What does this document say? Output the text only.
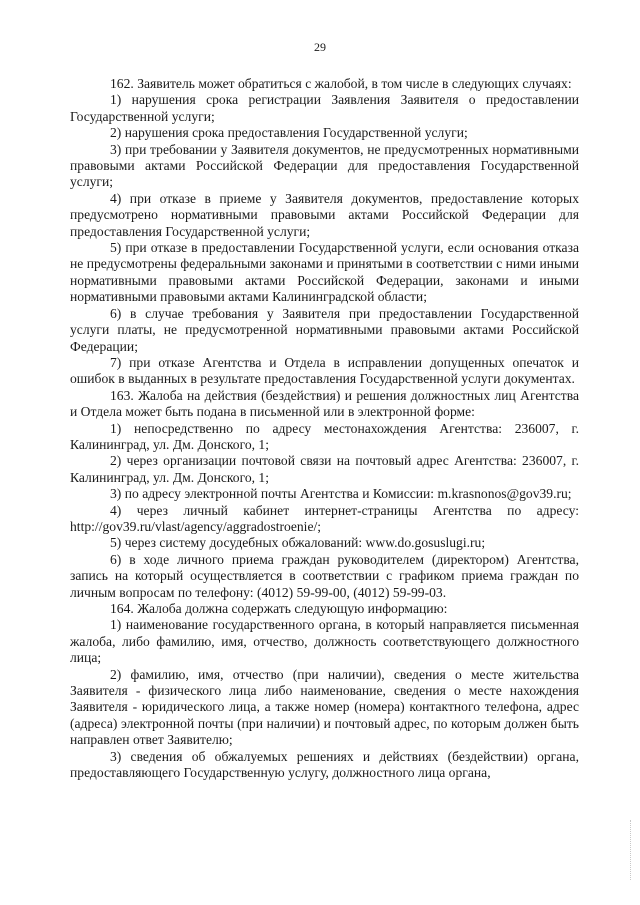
29

162. Заявитель может обратиться с жалобой, в том числе в следующих случаях:

1) нарушения срока регистрации Заявления Заявителя о предоставлении Государственной услуги;

2) нарушения срока предоставления Государственной услуги;

3) при требовании у Заявителя документов, не предусмотренных нормативными правовыми актами Российской Федерации для предоставления Государственной услуги;

4) при отказе в приеме у Заявителя документов, предоставление которых предусмотрено нормативными правовыми актами Российской Федерации для предоставления Государственной услуги;

5) при отказе в предоставлении Государственной услуги, если основания отказа не предусмотрены федеральными законами и принятыми в соответствии с ними иными нормативными правовыми актами Российской Федерации, законами и иными нормативными правовыми актами Калининградской области;

6) в случае требования у Заявителя при предоставлении Государственной услуги платы, не предусмотренной нормативными правовыми актами Российской Федерации;

7) при отказе Агентства и Отдела в исправлении допущенных опечаток и ошибок в выданных в результате предоставления Государственной услуги документах.

163. Жалоба на действия (бездействия) и решения должностных лиц Агентства и Отдела может быть подана в письменной или в электронной форме:

1) непосредственно по адресу местонахождения Агентства: 236007, г. Калининград, ул. Дм. Донского, 1;

2) через организации почтовой связи на почтовый адрес Агентства: 236007, г. Калининград, ул. Дм. Донского, 1;

3) по адресу электронной почты Агентства и Комиссии: m.krasnonos@gov39.ru;

4) через личный кабинет интернет-страницы Агентства по адресу: http://gov39.ru/vlast/agency/aggradostroenie/;

5) через систему досудебных обжалований: www.do.gosuslugi.ru;

6) в ходе личного приема граждан руководителем (директором) Агентства, запись на который осуществляется в соответствии с графиком приема граждан по личным вопросам по телефону: (4012) 59-99-00, (4012) 59-99-03.

164. Жалоба должна содержать следующую информацию:

1) наименование государственного органа, в который направляется письменная жалоба, либо фамилию, имя, отчество, должность соответствующего должностного лица;

2) фамилию, имя, отчество (при наличии), сведения о месте жительства Заявителя - физического лица либо наименование, сведения о месте нахождения Заявителя - юридического лица, а также номер (номера) контактного телефона, адрес (адреса) электронной почты (при наличии) и почтовый адрес, по которым должен быть направлен ответ Заявителю;

3) сведения об обжалуемых решениях и действиях (бездействии) органа, предоставляющего Государственную услугу, должностного лица органа,
